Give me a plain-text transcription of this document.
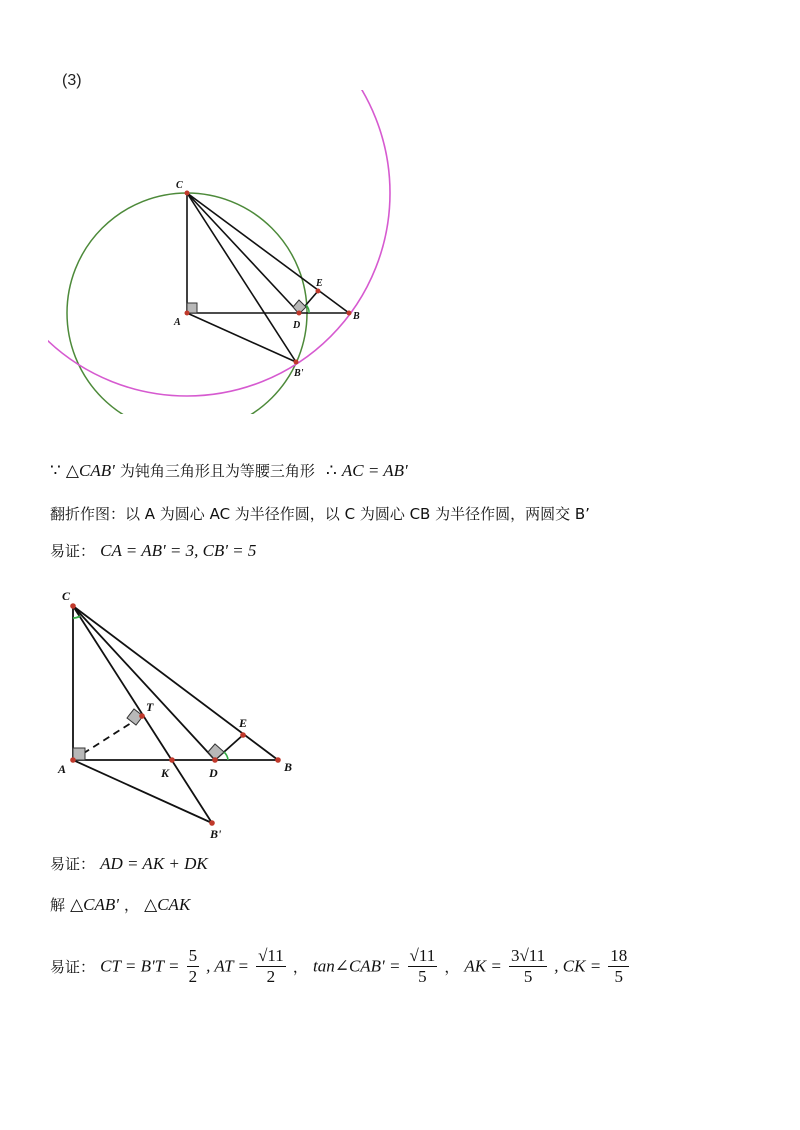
(3)
C
A	D
B
E
B'
∵ △CAB' 为钝角三角形且为等腰三角形 ∴ AC = AB'
翻折作图：以 A 为圆心 AC 为半径作圆，以 C 为圆心 CB 为半径作圆，两圆交 B’
易证： CA = AB' = 3, CB' = 5
C
T
E
A	K	D	B
B'
易证： AD = AK + DK
解 △CAB' ， △CAK
易证： CT = $B'T = \frac{5}{2}$ , AT = $\frac{√11}{2}$ ， tan∠CAB' = $\frac{√11}{5}$ ， AK = $\frac{3√11}{5}$ , CK = $\frac{18}{5}$
